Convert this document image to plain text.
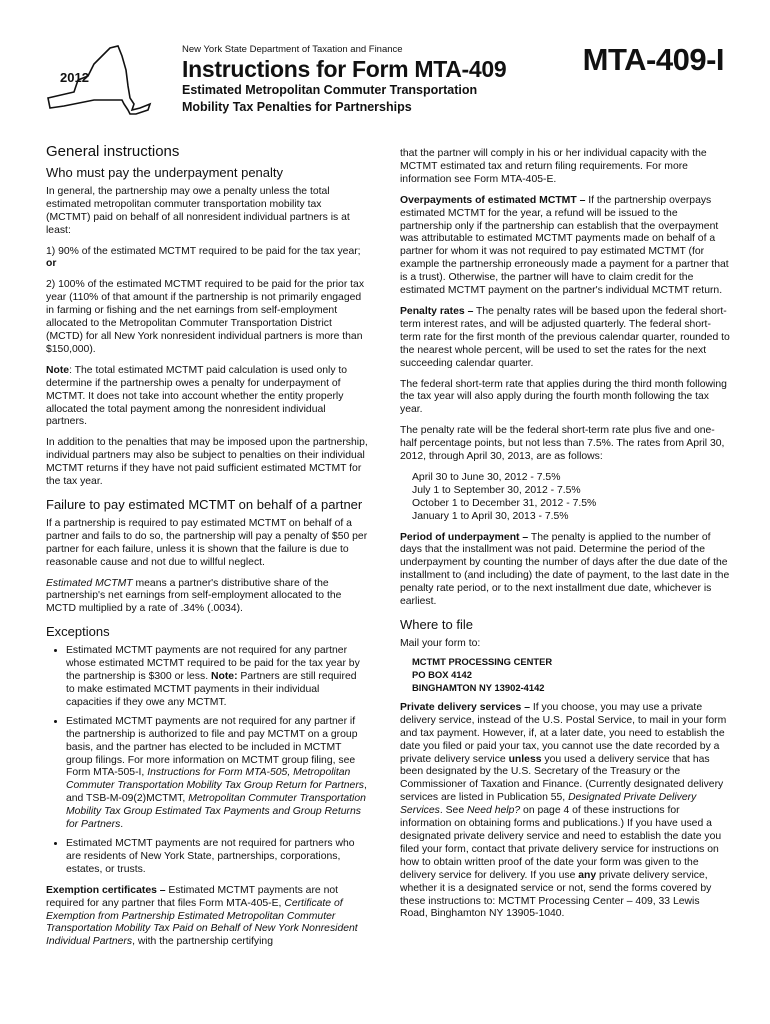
2012
New York State Department of Taxation and Finance
Instructions for Form MTA-409
Estimated Metropolitan Commuter Transportation
Mobility Tax Penalties for Partnerships
MTA-409-I
General instructions
Who must pay the underpayment penalty

In general, the partnership may owe a penalty unless the total estimated metropolitan commuter transportation mobility tax (MCTMT) paid on behalf of all nonresident individual partners is at least:

1) 90% of the estimated MCTMT required to be paid for the tax year; or

2) 100% of the estimated MCTMT required to be paid for the prior tax year (110% of that amount if the partnership is not primarily engaged in farming or fishing and the net earnings from self-employment allocated to the Metropolitan Commuter Transportation District (MCTD) for all New York nonresident individual partners is more than $150,000).

Note: The total estimated MCTMT paid calculation is used only to determine if the partnership owes a penalty for underpayment of MCTMT. It does not take into account whether the entity properly allocated the total payment among the nonresident individual partners.

In addition to the penalties that may be imposed upon the partnership, individual partners may also be subject to penalties on their individual MCTMT returns if they have not paid sufficient estimated MCTMT for the tax year.

Failure to pay estimated MCTMT on behalf of a partner

If a partnership is required to pay estimated MCTMT on behalf of a partner and fails to do so, the partnership will pay a penalty of $50 per partner for each failure, unless it is shown that the failure is due to reasonable cause and not due to willful neglect.

Estimated MCTMT means a partner's distributive share of the partnership's net earnings from self-employment allocated to the MCTD multiplied by a rate of .34% (.0034).

Exceptions
• Estimated MCTMT payments are not required for any partner whose estimated MCTMT required to be paid for the tax year by the partnership is $300 or less. Note: Partners are still required to make estimated MCTMT payments in their individual capacities if they owe any MCTMT.
• Estimated MCTMT payments are not required for any partner if the partnership is authorized to file and pay MCTMT on a group basis, and the partner has elected to be included in MCTMT group filings. For more information on MCTMT group filing, see Form MTA-505-I, Instructions for Form MTA-505, Metropolitan Commuter Transportation Mobility Tax Group Return for Partners, and TSB-M-09(2)MCTMT, Metropolitan Commuter Transportation Mobility Tax Group Estimated Tax Payments and Group Returns for Partners.
• Estimated MCTMT payments are not required for partners who are residents of New York State, partnerships, corporations, estates, or trusts.

Exemption certificates – Estimated MCTMT payments are not required for any partner that files Form MTA-405-E, Certificate of Exemption from Partnership Estimated Metropolitan Commuter Transportation Mobility Tax Paid on Behalf of New York Nonresident Individual Partners, with the partnership certifying

that the partner will comply in his or her individual capacity with the MCTMT estimated tax and return filing requirements. For more information see Form MTA-405-E.

Overpayments of estimated MCTMT – If the partnership overpays estimated MCTMT for the year, a refund will be issued to the partnership only if the partnership can establish that the overpayment was attributable to estimated MCTMT payments made on behalf of a partner for whom it was not required to pay estimated MCTMT (for example the partnership erroneously made a payment for a partner that is a trust). Otherwise, the partner will have to claim credit for the estimated MCTMT payment on the partner's individual MCTMT return.

Penalty rates – The penalty rates will be based upon the federal short-term interest rates, and will be adjusted quarterly. The federal short-term rate for the first month of the previous calendar quarter, rounded to the nearest whole percent, will be used to set the rates for the next succeeding calendar quarter.

The federal short-term rate that applies during the third month following the tax year will also apply during the fourth month following the tax year.

The penalty rate will be the federal short-term rate plus five and one-half percentage points, but not less than 7.5%. The rates from April 30, 2012, through April 30, 2013, are as follows:

April 30 to June 30, 2012 - 7.5%
July 1 to September 30, 2012 - 7.5%
October 1 to December 31, 2012 - 7.5%
January 1 to April 30, 2013 - 7.5%

Period of underpayment – The penalty is applied to the number of days that the installment was not paid. Determine the period of the underpayment by counting the number of days after the due date of the installment to (and including) the date of payment, to the last date in the penalty rate period, or to the next installment due date, whichever is earliest.

Where to file

Mail your form to:

MCTMT PROCESSING CENTER
PO BOX 4142
BINGHAMTON NY 13902-4142

Private delivery services – If you choose, you may use a private delivery service, instead of the U.S. Postal Service, to mail in your form and tax payment. However, if, at a later date, you need to establish the date you filed or paid your tax, you cannot use the date recorded by a private delivery service unless you used a delivery service that has been designated by the U.S. Secretary of the Treasury or the Commissioner of Taxation and Finance. (Currently designated delivery services are listed in Publication 55, Designated Private Delivery Services. See Need help? on page 4 of these instructions for information on obtaining forms and publications.) If you have used a designated private delivery service and need to establish the date you filed your form, contact that private delivery service for instructions on how to obtain written proof of the date your form was given to the delivery service for delivery. If you use any private delivery service, whether it is a designated service or not, send the forms covered by these instructions to: MCTMT Processing Center – 409, 33 Lewis Road, Binghamton NY 13905-1040.
